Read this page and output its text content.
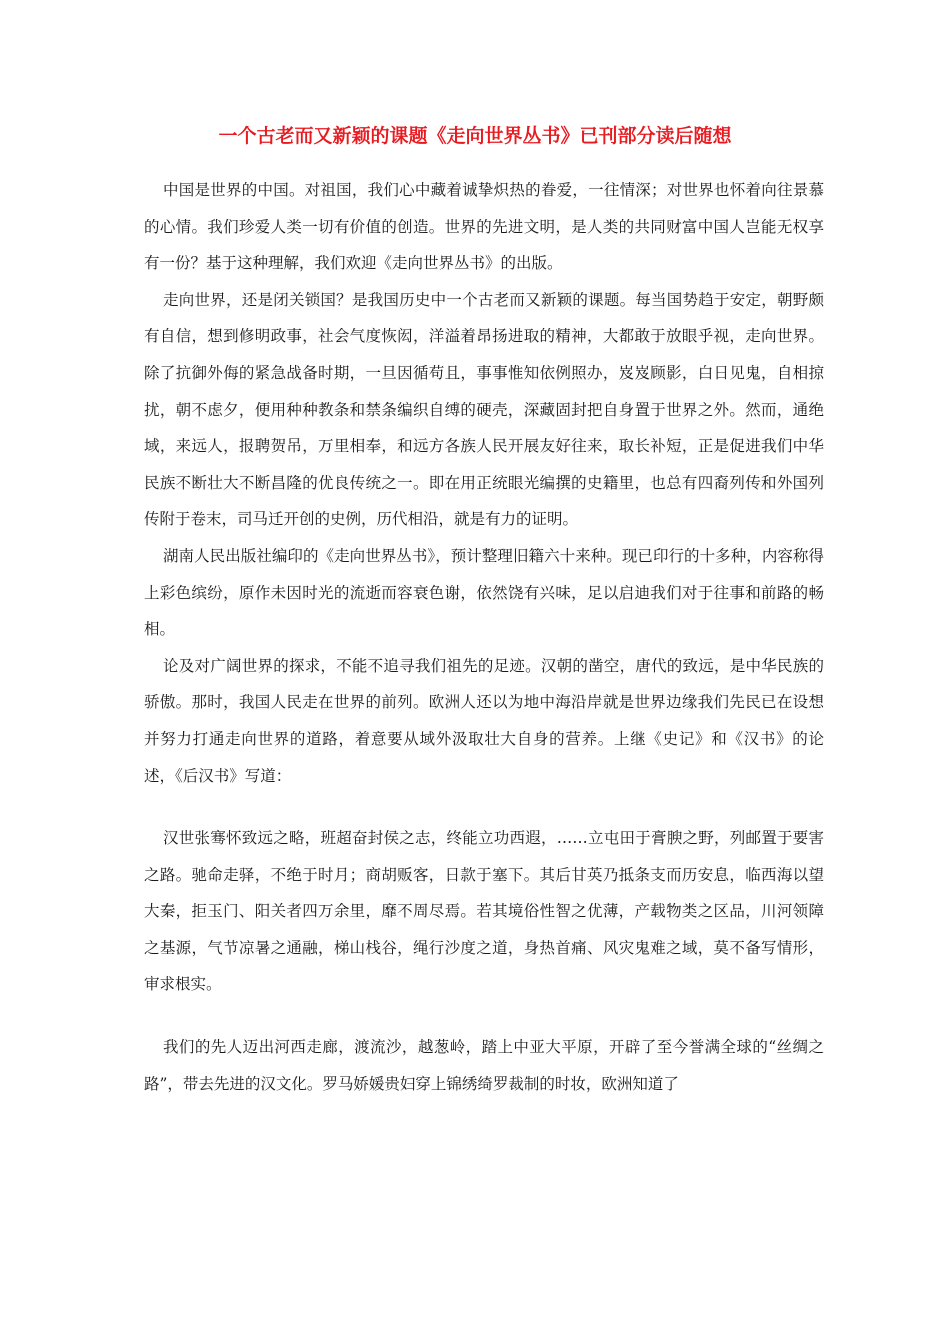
一个古老而又新颖的课题《走向世界丛书》已刊部分读后随想

中国是世界的中国。对祖国，我们心中藏着诚挚炽热的眷爱，一往情深；对世界也怀着向往景慕的心情。我们珍爱人类一切有价值的创造。世界的先进文明，是人类的共同财富中国人岂能无权享有一份？基于这种理解，我们欢迎《走向世界丛书》的出版。

走向世界，还是闭关锁国？是我国历史中一个古老而又新颖的课题。每当国势趋于安定，朝野颇有自信，想到修明政事，社会气度恢闳，洋溢着昂扬进取的精神，大都敢于放眼乎视，走向世界。除了抗御外侮的紧急战备时期，一旦因循苟且，事事惟知依例照办，岌岌顾影，白日见鬼，自相掠扰，朝不虑夕，便用种种教条和禁条编织自缚的硬壳，深藏固封把自身置于世界之外。然而，通绝域，来远人，报聘贺吊，万里相奉，和远方各族人民开展友好往来，取长补短，正是促进我们中华民族不断壮大不断昌隆的优良传统之一。即在用正统眼光编撰的史籍里，也总有四裔列传和外国列传附于卷末，司马迁开创的史例，历代相沿，就是有力的证明。

湖南人民出版社编印的《走向世界丛书》，预计整理旧籍六十来种。现已印行的十多种，内容称得上彩色缤纷，原作未因时光的流逝而容衰色谢，依然饶有兴味，足以启迪我们对于往事和前路的畅相。

论及对广阔世界的探求，不能不追寻我们祖先的足迹。汉朝的凿空，唐代的致远，是中华民族的骄傲。那时，我国人民走在世界的前列。欧洲人还以为地中海沿岸就是世界边缘我们先民已在设想并努力打通走向世界的道路，着意要从域外汲取壮大自身的营养。上继《史记》和《汉书》的论述，《后汉书》写道：

汉世张骞怀致远之略，班超奋封侯之志，终能立功西遐，……立屯田于膏腴之野，列邮置于要害之路。驰命走驿，不绝于时月；商胡贩客，日款于塞下。其后甘英乃抵条支而历安息，临西海以望大秦，拒玉门、阳关者四万余里，靡不周尽焉。若其境俗性智之优薄，产载物类之区品，川河领障之基源，气节凉暑之通融，梯山栈谷，绳行沙度之道，身热首痛、风灾鬼难之域，莫不备写情形，审求根实。

我们的先人迈出河西走廊，渡流沙，越葱岭，踏上中亚大平原，开辟了至今誉满全球的“丝绸之路”，带去先进的汉文化。罗马娇媛贵妇穿上锦绣绮罗裁制的时妆，欧洲知道了
